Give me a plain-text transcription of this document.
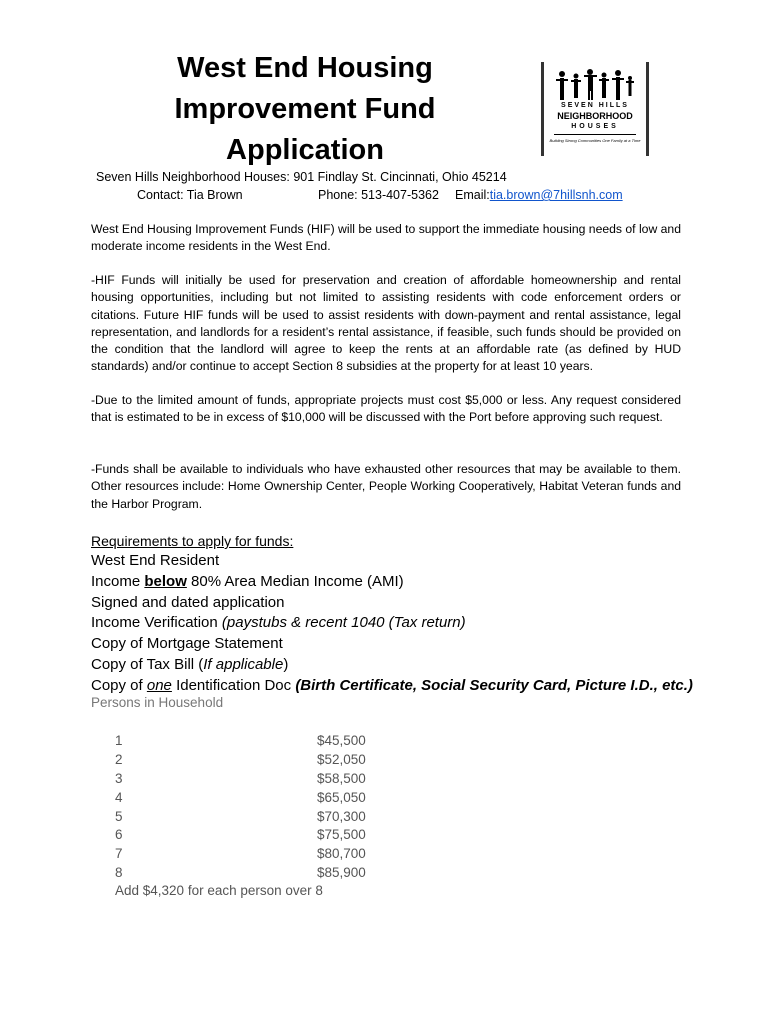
West End Housing
Improvement Fund
Application
SEVEN HILLS
NEIGHBORHOOD
HOUSES
Building Strong Communities One Family at a Time
Seven Hills Neighborhood Houses: 901 Findlay St. Cincinnati, Ohio 45214
Contact: Tia Brown	Phone: 513-407-5362 Email:tia.brown@7hillsnh.com
West End Housing Improvement Funds (HIF) will be used to support the immediate housing needs of low and moderate income residents in the West End.
-HIF Funds will initially be used for preservation and creation of affordable homeownership and rental housing opportunities, including but not limited to assisting residents with code enforcement orders or citations. Future HIF funds will be used to assist residents with down-payment and rental assistance, legal representation, and landlords for a resident’s rental assistance, if feasible, such funds should be provided on the condition that the landlord will agree to keep the rents at an affordable rate (as defined by HUD standards) and/or continue to accept Section 8 subsidies at the property for at least 10 years.
-Due to the limited amount of funds, appropriate projects must cost $5,000 or less. Any request considered that is estimated to be in excess of $10,000 will be discussed with the Port before approving such request.
-Funds shall be available to individuals who have exhausted other resources that may be available to them. Other resources include: Home Ownership Center, People Working Cooperatively, Habitat Veteran funds and the Harbor Program.
Requirements to apply for funds:
West End Resident
Income below 80% Area Median Income (AMI)
Signed and dated application
Income Verification (paystubs & recent 1040 (Tax return)
Copy of Mortgage Statement
Copy of Tax Bill (If applicable)
Copy of one Identification Doc (Birth Certificate, Social Security Card, Picture I.D., etc.)
Persons in Household
1	$45,500
2	$52,050
3	$58,500
4	$65,050
5	$70,300
6	$75,500
7	$80,700
8	$85,900
Add $4,320 for each person over 8
